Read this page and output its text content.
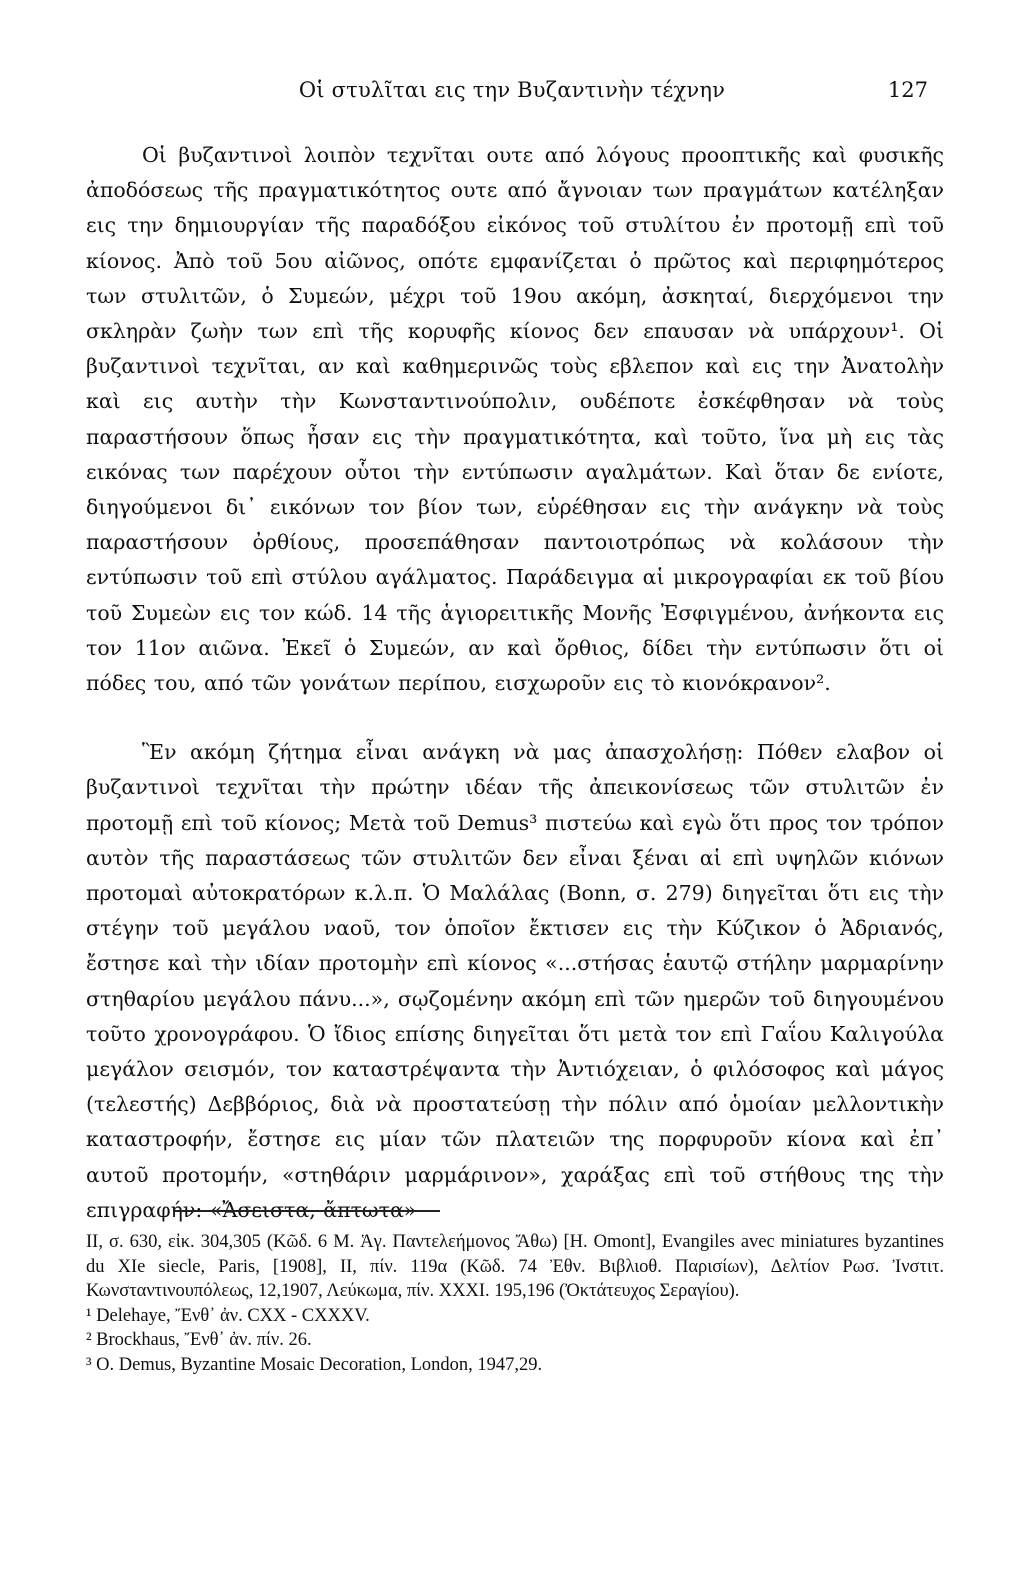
Οἱ στυλῖται εις την Βυζαντινὴν τέχνην	127

Οἱ βυζαντινοὶ λοιπὸν τεχνῖται ουτε από λόγους προοπτικῆς καὶ φυσικῆς ἀποδόσεως τῆς πραγματικότητος ουτε από ἄγνοιαν των πραγμάτων κατέληξαν εις την δημιουργίαν τῆς παραδόξου εἰκόνος τοῦ στυλίτου ἐν προτομῇ επὶ τοῦ κίονος. Ἀπὸ τοῦ 5ου αἰῶνος, οπότε εμφανίζεται ὁ πρῶτος καὶ περιφημότερος των στυλιτῶν, ὁ Συμεών, μέχρι τοῦ 19ου ακόμη, ἀσκηταί, διερχόμενοι την σκληρὰν ζωὴν των επὶ τῆς κορυφῆς κίονος δεν επαυσαν νὰ υπάρχουν¹. Οἱ βυζαντινοὶ τεχνῖται, αν καὶ καθημερινῶς τοὺς εβλεπον καὶ εις την Ἀνατολὴν καὶ εις αυτὴν τὴν Κωνσταντινούπολιν, ουδέποτε ἐσκέφθησαν νὰ τοὺς παραστήσουν ὅπως ἦσαν εις τὴν πραγματικότητα, καὶ τοῦτο, ἵνα μὴ εις τὰς εικόνας των παρέχουν οὗτοι τὴν εντύπωσιν αγαλμάτων. Καὶ ὅταν δε ενίοτε, διηγούμενοι δι᾽ εικόνων τον βίον των, εὑρέθησαν εις τὴν ανάγκην νὰ τοὺς παραστήσουν ὀρθίους, προσεπάθησαν παντοιοτρόπως νὰ κολάσουν τὴν εντύπωσιν τοῦ επὶ στύλου αγάλματος. Παράδειγμα αἱ μικρογραφίαι εκ τοῦ βίου τοῦ Συμεὼν εις τον κώδ. 14 τῆς ἁγιορειτικῆς Μονῆς Ἐσφιγμένου, ἀνήκοντα εις τον 11ον αιῶνα. Ἐκεῖ ὁ Συμεών, αν καὶ ὄρθιος, δίδει τὴν εντύπωσιν ὅτι οἱ πόδες του, από τῶν γονάτων περίπου, εισχωροῦν εις τὸ κιονόκρανον².

Ἓν ακόμη ζήτημα εἶναι ανάγκη νὰ μας ἀπασχολήσῃ: Πόθεν ελαβον οἱ βυζαντινοὶ τεχνῖται τὴν πρώτην ιδέαν τῆς ἀπεικονίσεως τῶν στυλιτῶν ἐν προτομῇ επὶ τοῦ κίονος; Μετὰ τοῦ Demus³ πιστεύω καὶ εγὼ ὅτι προς τον τρόπον αυτὸν τῆς παραστάσεως τῶν στυλιτῶν δεν εἶναι ξέναι αἱ επὶ υψηλῶν κιόνων προτομαὶ αὐτοκρατόρων κ.λ.π. Ὁ Μαλάλας (Bonn, σ. 279) διηγεῖται ὅτι εις τὴν στέγην τοῦ μεγάλου ναοῦ, τον ὁποῖον ἔκτισεν εις τὴν Κύζικον ὁ Ἀδριανός, ἔστησε καὶ τὴν ιδίαν προτομὴν επὶ κίονος «...στήσας ἑαυτῷ στήλην μαρμαρίνην στηθαρίου μεγάλου πάνυ...», σῳζομένην ακόμη επὶ τῶν ημερῶν τοῦ διηγουμένου τοῦτο χρονογράφου. Ὁ ἴδιος επίσης διηγεῖται ὅτι μετὰ τον επὶ Γαΐου Καλιγούλα μεγάλον σεισμόν, τον καταστρέψαντα τὴν Ἀντιόχειαν, ὁ φιλόσοφος καὶ μάγος (τελεστής) Δεββόριος, διὰ νὰ προστατεύσῃ τὴν πόλιν από ὁμοίαν μελλοντικὴν καταστροφήν, ἔστησε εις μίαν τῶν πλατειῶν της πορφυροῦν κίονα καὶ ἐπ᾽ αυτοῦ προτομήν, «στηθάριν μαρμάρινον», χαράξας επὶ τοῦ στήθους της τὴν επιγραφήν: «Ἄσειστα, ἄπτωτα»

II, σ. 630, εἰκ. 304,305 (Κῶδ. 6 Μ. Ἁγ. Παντελεήμονος Ἄθω) [H. Omont], Evangiles avec miniatures byzantines du XIe siecle, Paris, [1908], II, πίν. 119α (Κῶδ. 74 Ἐθν. Βιβλιοθ. Παρισίων), Δελτίον Ρωσ. Ἰνστιτ. Κωνσταντινουπόλεως, 12,1907, Λεύκωμα, πίν. XXXI. 195,196 (Ὀκτάτευχος Σεραγίου).

¹ Delehaye, Ἔνθ᾽ ἀν. CXX - CXXXV.

² Brockhaus, Ἔνθ᾽ ἀν. πίν. 26.

³ O. Demus, Byzantine Mosaic Decoration, London, 1947,29.
